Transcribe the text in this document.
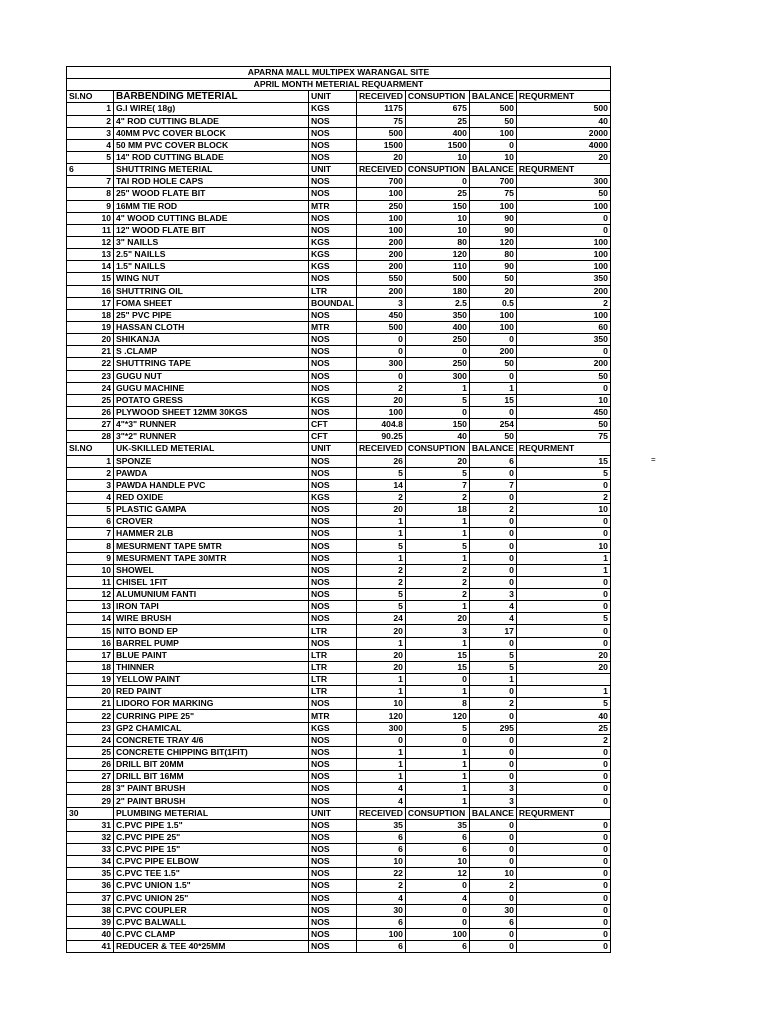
APARNA MALL MULTIPEX WARANGAL SITE						
APRIL MONTH METERIAL REQUARMENT						
SI.NO	BARBENDING METERIAL	UNIT	RECEIVED	CONSUPTION	BALANCE	REQURMENT
1	G.I WIRE( 18g)	KGS	1175	675	500	500
2	4" ROD CUTTING BLADE	NOS	75	25	50	40
3	40MM PVC COVER BLOCK	NOS	500	400	100	2000
4	50 MM PVC COVER BLOCK	NOS	1500	1500	0	4000
5	14" ROD CUTTING BLADE	NOS	20	10	10	20
6	SHUTTRING METERIAL	UNIT	RECEIVED	CONSUPTION	BALANCE	REQURMENT
7	TAI ROD HOLE CAPS	NOS	700	0	700	300
8	25" WOOD FLATE BIT	NOS	100	25	75	50
9	16MM TIE ROD	MTR	250	150	100	100
10	4" WOOD CUTTING BLADE	NOS	100	10	90	0
11	12" WOOD FLATE BIT	NOS	100	10	90	0
12	3" NAILLS	KGS	200	80	120	100
13	2.5" NAILLS	KGS	200	120	80	100
14	1.5" NAILLS	KGS	200	110	90	100
15	WING NUT	NOS	550	500	50	350
16	SHUTTRING OIL	LTR	200	180	20	200
17	FOMA SHEET	BOUNDAL	3	2.5	0.5	2
18	25" PVC PIPE	NOS	450	350	100	100
19	HASSAN CLOTH	MTR	500	400	100	60
20	SHIKANJA	NOS	0	250	0	350
21	S .CLAMP	NOS	0	0	200	0
22	SHUTTRING TAPE	NOS	300	250	50	200
23	GUGU NUT	NOS	0	300	0	50
24	GUGU MACHINE	NOS	2	1	1	0
25	POTATO GRESS	KGS	20	5	15	10
26	PLYWOOD SHEET 12MM 30KGS	NOS	100	0	0	450
27	4"*3" RUNNER	CFT	404.8	150	254	50
28	3"*2" RUNNER	CFT	90.25	40	50	75
SI.NO	UK-SKILLED METERIAL	UNIT	RECEIVED	CONSUPTION	BALANCE	REQURMENT
1	SPONZE	NOS	26	20	6	15
2	PAWDA	NOS	5	5	0	5
3	PAWDA HANDLE PVC	NOS	14	7	7	0
4	RED OXIDE	KGS	2	2	0	2
5	PLASTIC GAMPA	NOS	20	18	2	10
6	CROVER	NOS	1	1	0	0
7	HAMMER 2LB	NOS	1	1	0	0
8	MESURMENT TAPE 5MTR	NOS	5	5	0	10
9	MESURMENT TAPE 30MTR	NOS	1	1	0	1
10	SHOWEL	NOS	2	2	0	1
11	CHISEL 1FIT	NOS	2	2	0	0
12	ALUMUNIUM FANTI	NOS	5	2	3	0
13	IRON TAPI	NOS	5	1	4	0
14	WIRE BRUSH	NOS	24	20	4	5
15	NITO BOND EP	LTR	20	3	17	0
16	BARREL PUMP	NOS	1	1	0	0
17	BLUE PAINT	LTR	20	15	5	20
18	THINNER	LTR	20	15	5	20
19	YELLOW PAINT	LTR	1	0	1	
20	RED PAINT	LTR	1	1	0	1
21	LIDORO FOR MARKING	NOS	10	8	2	5
22	CURRING PIPE 25"	MTR	120	120	0	40
23	GP2 CHAMICAL	KGS	300	5	295	25
24	CONCRETE TRAY 4/6	NOS	0	0	0	2
25	CONCRETE CHIPPING BIT(1FIT)	NOS	1	1	0	0
26	DRILL BIT 20MM	NOS	1	1	0	0
27	DRILL BIT 16MM	NOS	1	1	0	0
28	3" PAINT BRUSH	NOS	4	1	3	0
29	2" PAINT BRUSH	NOS	4	1	3	0
30	PLUMBING METERIAL	UNIT	RECEIVED	CONSUPTION	BALANCE	REQURMENT
31	C.PVC PIPE 1.5"	NOS	35	35	0	0
32	C.PVC PIPE 25"	NOS	6	6	0	0
33	C.PVC PIPE 15"	NOS	6	6	0	0
34	C.PVC PIPE ELBOW	NOS	10	10	0	0
35	C.PVC TEE 1.5"	NOS	22	12	10	0
36	C.PVC UNION 1.5"	NOS	2	0	2	0
37	C.PVC UNION 25"	NOS	4	4	0	0
38	C.PVC COUPLER	NOS	30	0	30	0
39	C.PVC BALWALL	NOS	6	0	6	0
40	C.PVC CLAMP	NOS	100	100	0	0
41	REDUCER & TEE 40*25MM	NOS	6	6	0	0
=
